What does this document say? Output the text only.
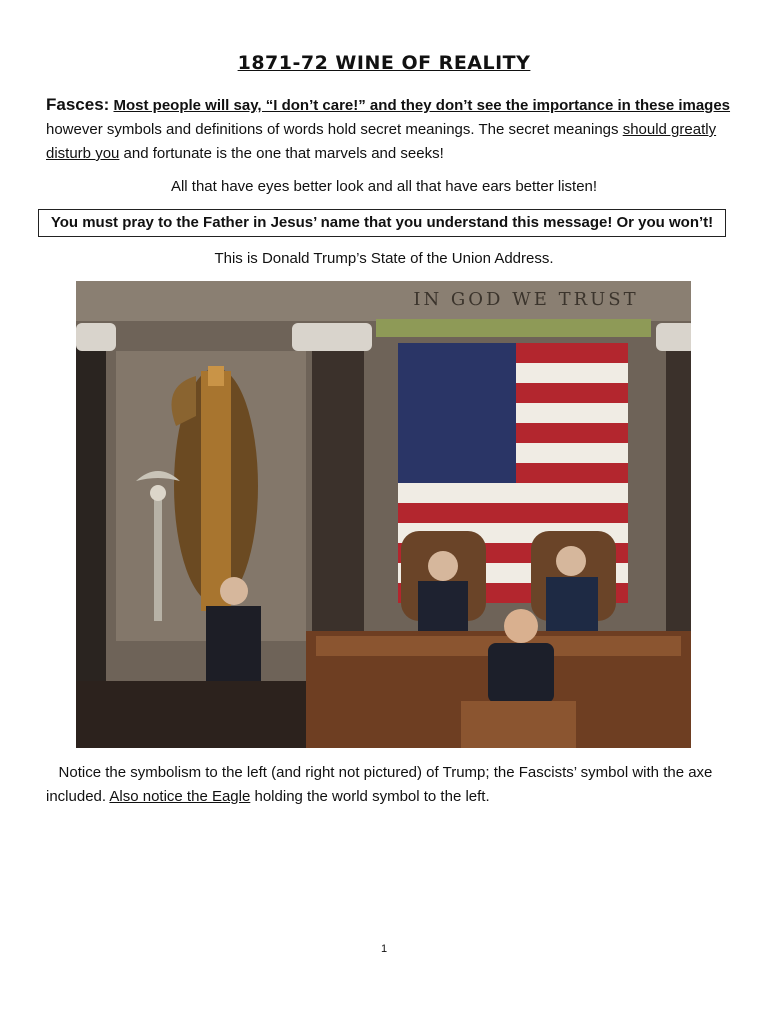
1871-72 WINE OF REALITY
Fasces: Most people will say, “I don’t care!” and they don’t see the importance in these images however symbols and definitions of words hold secret meanings. The secret meanings should greatly disturb you and fortunate is the one that marvels and seeks!
All that have eyes better look and all that have ears better listen!
You must pray to the Father in Jesus’ name that you understand this message! Or you won’t!
This is Donald Trump’s State of the Union Address.
IN GOD WE TRUST
Notice the symbolism to the left (and right not pictured) of Trump; the Fascists’ symbol with the axe included. Also notice the Eagle holding the world symbol to the left.
1
